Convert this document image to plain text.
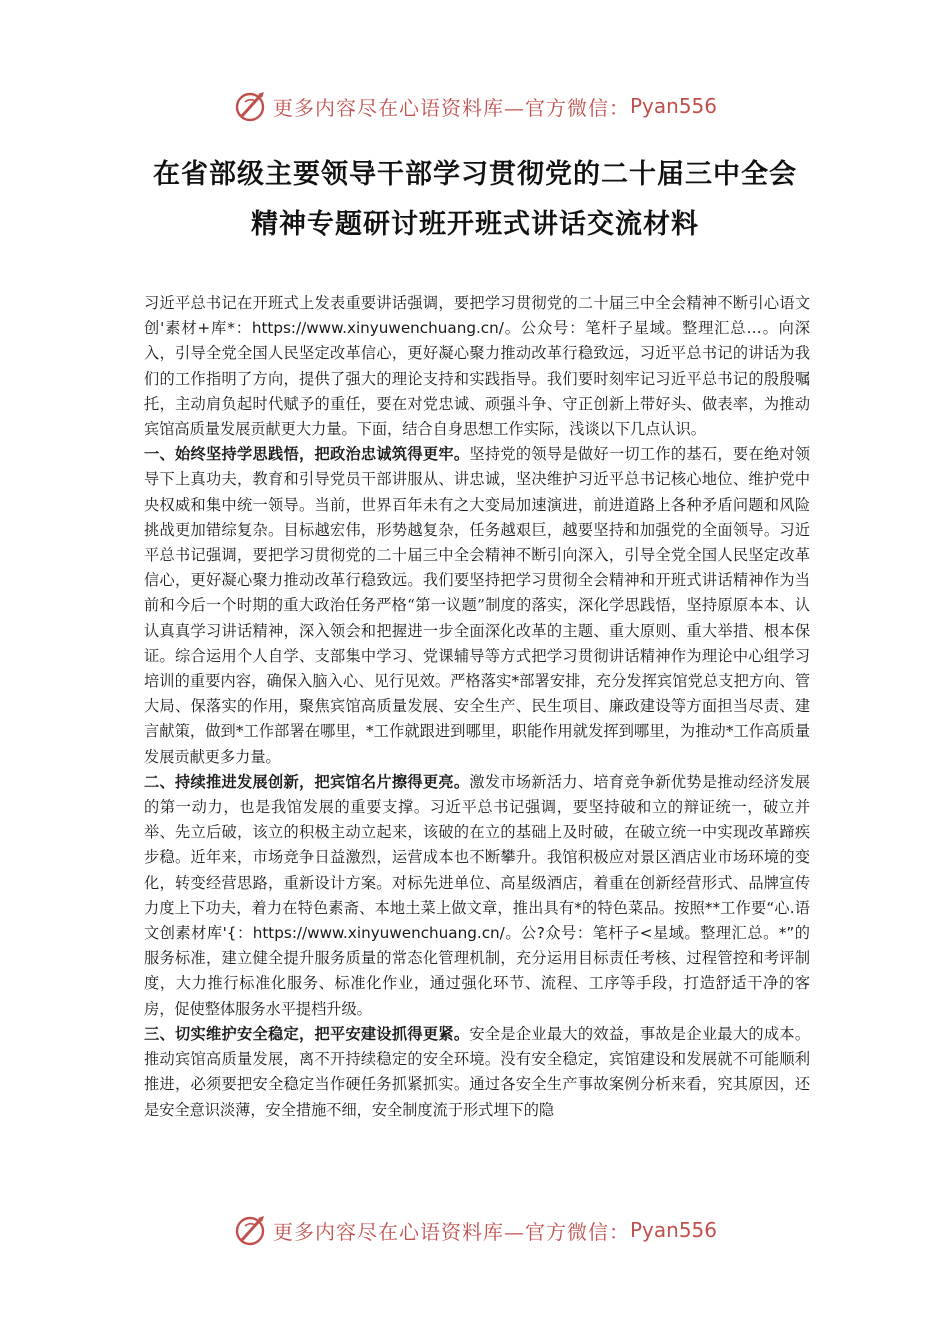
更多内容尽在心语资料库—官方微信： Pyan556
在省部级主要领导干部学习贯彻党的二十届三中全会
精神专题研讨班开班式讲话交流材料

习近平总书记在开班式上发表重要讲话强调，要把学习贯彻党的二十届三中全会精神不断引心语文创'素材+库*：https://www.xinyuwenchuang.cn/。公众号：笔杆子星域。整理汇总…。向深入，引导全党全国人民坚定改革信心，更好凝心聚力推动改革行稳致远，习近平总书记的讲话为我们的工作指明了方向，提供了强大的理论支持和实践指导。我们要时刻牢记习近平总书记的殷殷嘱托，主动肩负起时代赋予的重任，要在对党忠诚、顽强斗争、守正创新上带好头、做表率，为推动宾馆高质量发展贡献更大力量。下面，结合自身思想工作实际，浅谈以下几点认识。

一、始终坚持学思践悟，把政治忠诚筑得更牢。坚持党的领导是做好一切工作的基石，要在绝对领导下上真功夫，教育和引导党员干部讲服从、讲忠诚，坚决维护习近平总书记核心地位、维护党中央权威和集中统一领导。当前，世界百年未有之大变局加速演进，前进道路上各种矛盾问题和风险挑战更加错综复杂。目标越宏伟，形势越复杂，任务越艰巨，越要坚持和加强党的全面领导。习近平总书记强调，要把学习贯彻党的二十届三中全会精神不断引向深入，引导全党全国人民坚定改革信心，更好凝心聚力推动改革行稳致远。我们要坚持把学习贯彻全会精神和开班式讲话精神作为当前和今后一个时期的重大政治任务严格“第一议题”制度的落实，深化学思践悟，坚持原原本本、认认真真学习讲话精神，深入领会和把握进一步全面深化改革的主题、重大原则、重大举措、根本保证。综合运用个人自学、支部集中学习、党课辅导等方式把学习贯彻讲话精神作为理论中心组学习培训的重要内容，确保入脑入心、见行见效。严格落实*部署安排，充分发挥宾馆党总支把方向、管大局、保落实的作用，聚焦宾馆高质量发展、安全生产、民生项目、廉政建设等方面担当尽责、建言献策，做到*工作部署在哪里，*工作就跟进到哪里，职能作用就发挥到哪里，为推动*工作高质量发展贡献更多力量。

二、持续推进发展创新，把宾馆名片擦得更亮。激发市场新活力、培育竞争新优势是推动经济发展的第一动力，也是我馆发展的重要支撑。习近平总书记强调，要坚持破和立的辩证统一，破立并举、先立后破，该立的积极主动立起来，该破的在立的基础上及时破，在破立统一中实现改革蹄疾步稳。近年来，市场竞争日益激烈，运营成本也不断攀升。我馆积极应对景区酒店业市场环境的变化，转变经营思路，重新设计方案。对标先进单位、高星级酒店，着重在创新经营形式、品牌宣传力度上下功夫，着力在特色素斋、本地土菜上做文章，推出具有*的特色菜品。按照**工作要“心.语文创素材库'{：https://www.xinyuwenchuang.cn/。公?众号：笔杆子<星域。整理汇总。*”的服务标准，建立健全提升服务质量的常态化管理机制，充分运用目标责任考核、过程管控和考评制度，大力推行标准化服务、标准化作业，通过强化环节、流程、工序等手段，打造舒适干净的客房，促使整体服务水平提档升级。

三、切实维护安全稳定，把平安建设抓得更紧。安全是企业最大的效益，事故是企业最大的成本。推动宾馆高质量发展，离不开持续稳定的安全环境。没有安全稳定，宾馆建设和发展就不可能顺利推进，必须要把安全稳定当作硬任务抓紧抓实。通过各安全生产事故案例分析来看，究其原因，还是安全意识淡薄，安全措施不细，安全制度流于形式埋下的隐

更多内容尽在心语资料库—官方微信： Pyan556
